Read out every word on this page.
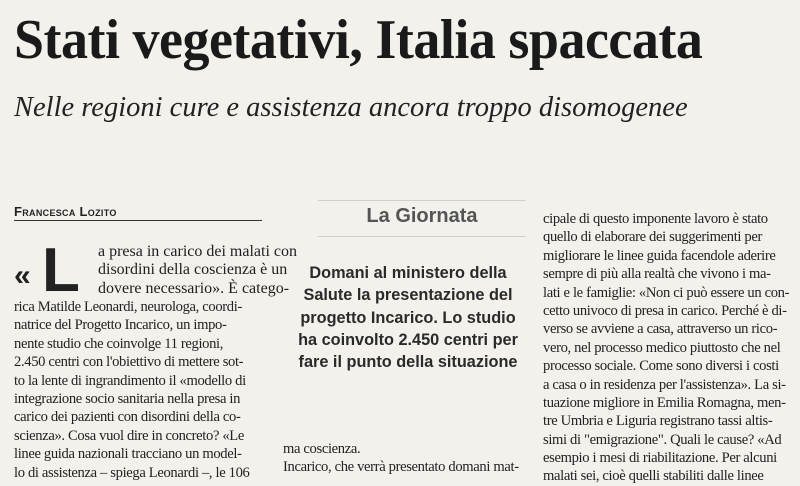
Stati vegetativi, Italia spaccata
Nelle regioni cure e assistenza ancora troppo disomogenee
Francesca Lozito
« L a presa in carico dei malati con
disordini della coscienza è un
dovere necessario». È catego-
rica Matilde Leonardi, neurologa, coordi-
natrice del Progetto Incarico, un impo-
nente studio che coinvolge 11 regioni,
2.450 centri con l'obiettivo di mettere sot-
to la lente di ingrandimento il «modello di
integrazione socio sanitaria nella presa in
carico dei pazienti con disordini della co-
scienza». Cosa vuol dire in concreto? «Le
linee guida nazionali tracciano un model-
lo di assistenza – spiega Leonardi –, le 106
La Giornata
Domani al ministero della
Salute la presentazione del
progetto Incarico. Lo studio
ha coinvolto 2.450 centri per
fare il punto della situazione
ma coscienza.
Incarico, che verrà presentato domani mat-
cipale di questo imponente lavoro è stato
quello di elaborare dei suggerimenti per
migliorare le linee guida facendole aderire
sempre di più alla realtà che vivono i ma-
lati e le famiglie: «Non ci può essere un con-
cetto univoco di presa in carico. Perché è di-
verso se avviene a casa, attraverso un rico-
vero, nel processo medico piuttosto che nel
processo sociale. Come sono diversi i costi
a casa o in residenza per l'assistenza». La si-
tuazione migliore in Emilia Romagna, men-
tre Umbria e Liguria registrano tassi altis-
simi di "emigrazione". Quali le cause? «Ad
esempio i mesi di riabilitazione. Per alcuni
malati sei, cioè quelli stabiliti dalle linee
